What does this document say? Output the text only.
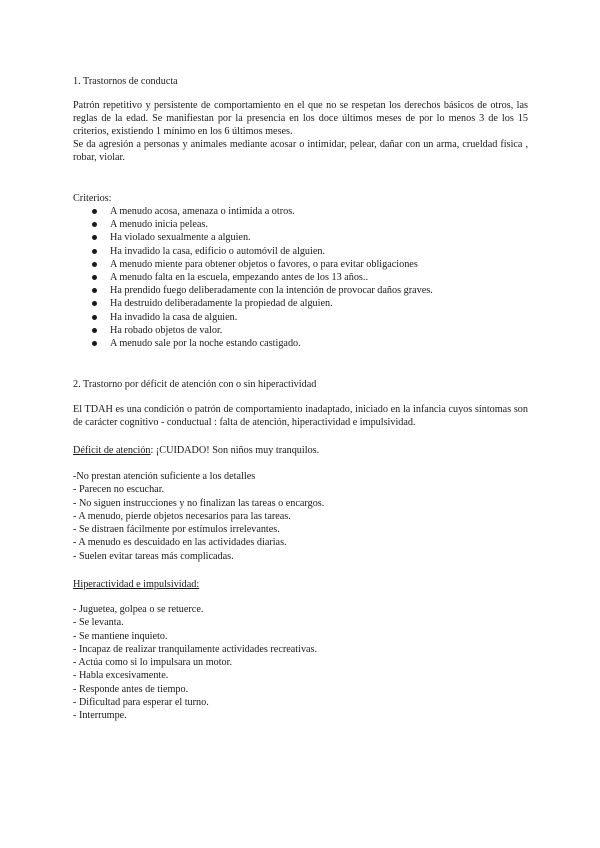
1. Trastornos de conducta

Patrón repetitivo y persistente de comportamiento en el que no se respetan los derechos básicos de otros, las reglas de la edad. Se manifiestan por la presencia en los doce últimos meses de por lo menos 3 de los 15 criterios, existiendo 1 mínimo en los 6 últimos meses.

Se da agresión a personas y animales mediante acosar o intimidar, pelear, dañar con un arma, crueldad física , robar, violar.

Criterios:

A menudo acosa, amenaza o intimida a otros.
A menudo inicia peleas.
Ha violado sexualmente a alguien.
Ha invadido la casa, edificio o automóvil de alguien.
A menudo miente para obtener objetos o favores, o para evitar obligaciones
A menudo falta en la escuela, empezando antes de los 13 años..
Ha prendido fuego deliberadamente con la intención de provocar daños graves.
Ha destruido deliberadamente la propiedad de alguien.
Ha invadido la casa de alguien.
Ha robado objetos de valor.
A menudo sale por la noche estando castigado.

2. Trastorno por déficit de atención con o sin hiperactividad

El TDAH es una condición o patrón de comportamiento inadaptado, iniciado en la infancia cuyos síntomas son de carácter cognitivo - conductual : falta de atención, hiperactividad e impulsividad.

Déficit de atención: ¡CUIDADO! Son niños muy tranquilos.

-No prestan atención suficiente a los detalles
- Parecen no escuchar.
- No siguen instrucciones y no finalizan las tareas o encargos.
- A menudo, pierde objetos necesarios para las tareas.
- Se distraen fácilmente por estímulos irrelevantes.
- A menudo es descuidado en las actividades diarias.
- Suelen evitar tareas más complicadas.

Hiperactividad e impulsividad:

- Juguetea, golpea o se retuerce.
- Se levanta.
- Se mantiene inquieto.
- Incapaz de realizar tranquilamente actividades recreativas.
- Actúa como si lo impulsara un motor.
- Habla excesivamente.
- Responde antes de tiempo.
- Dificultad para esperar el turno.
- Interrumpe.
